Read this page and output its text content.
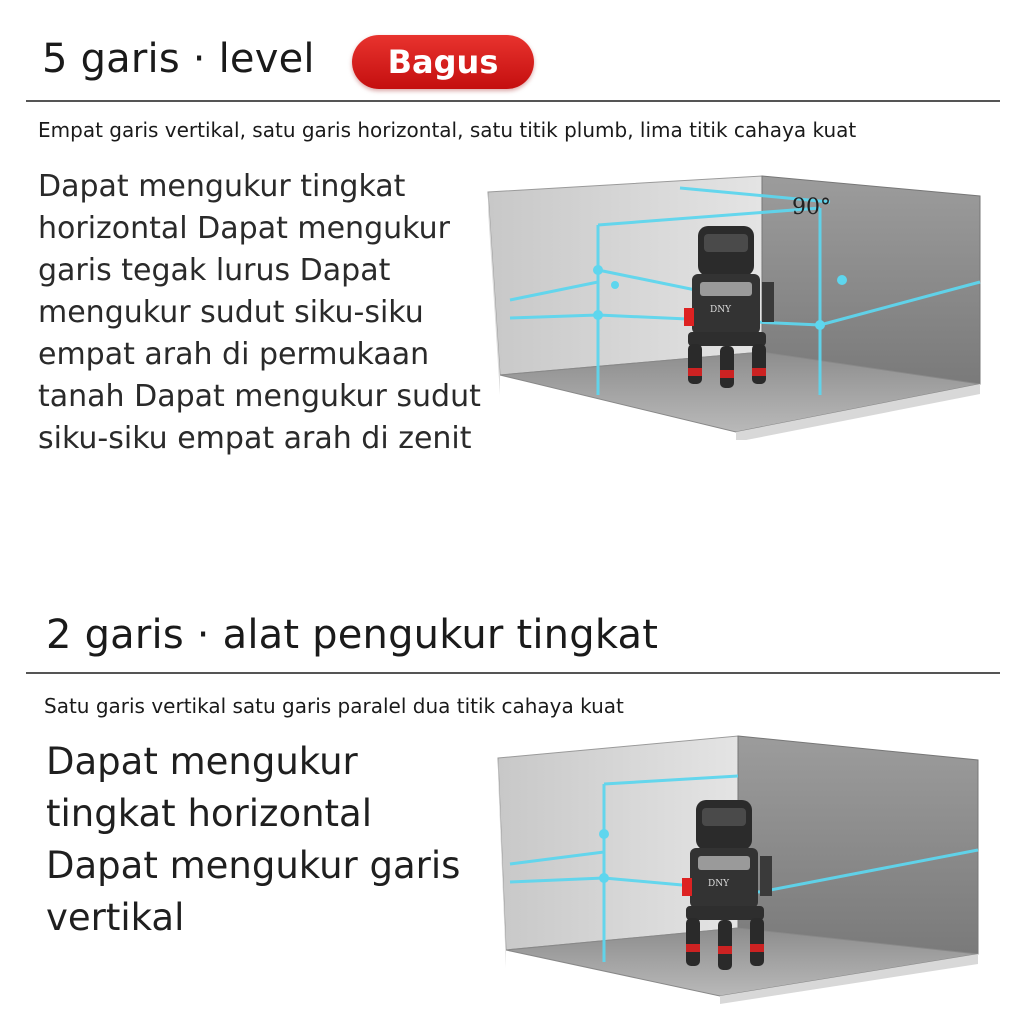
5 garis · level	Bagus
Empat garis vertikal, satu garis horizontal, satu titik plumb, lima titik cahaya kuat
Dapat mengukur tingkat horizontal Dapat mengukur garis tegak lurus Dapat mengukur sudut siku-siku empat arah di permukaan tanah Dapat mengukur sudut siku-siku empat arah di zenit
90°
DNY
2 garis · alat pengukur tingkat
Satu garis vertikal satu garis paralel dua titik cahaya kuat
Dapat mengukur tingkat horizontal Dapat mengukur garis vertikal
DNY
